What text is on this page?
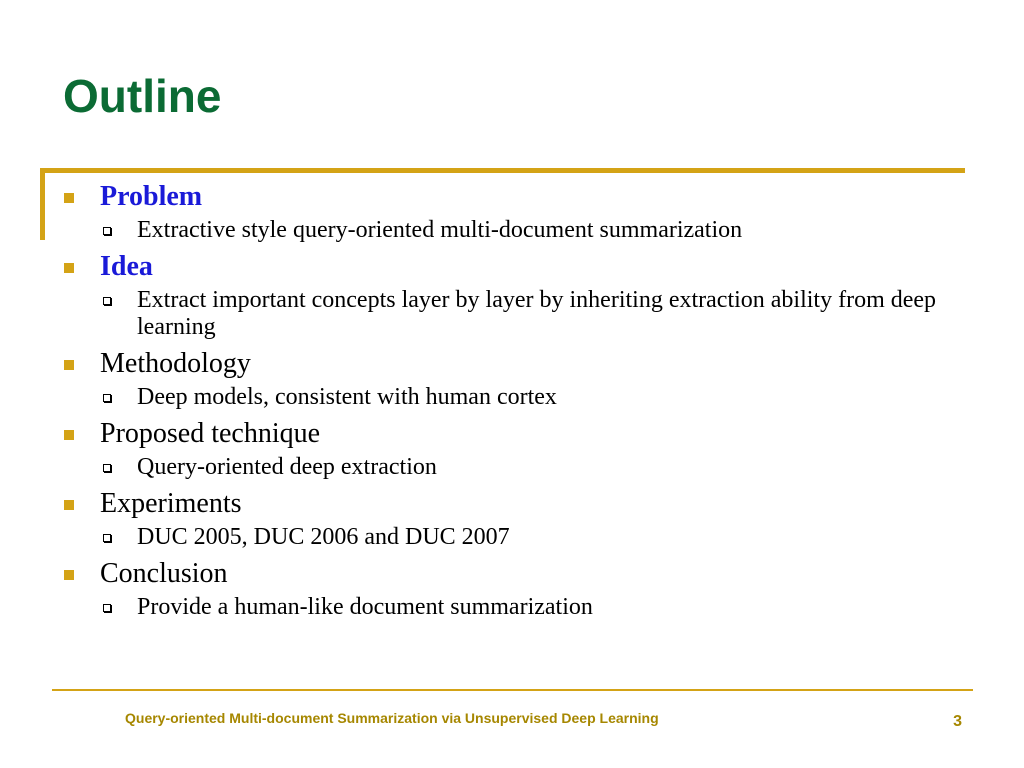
Outline
Problem
Extractive style query-oriented multi-document summarization
Idea
Extract important concepts layer by layer by inheriting extraction ability from deep learning
Methodology
Deep models, consistent with human cortex
Proposed technique
Query-oriented deep extraction
Experiments
DUC 2005, DUC 2006 and DUC 2007
Conclusion
Provide a human-like document summarization
Query-oriented Multi-document Summarization via Unsupervised Deep Learning	3
